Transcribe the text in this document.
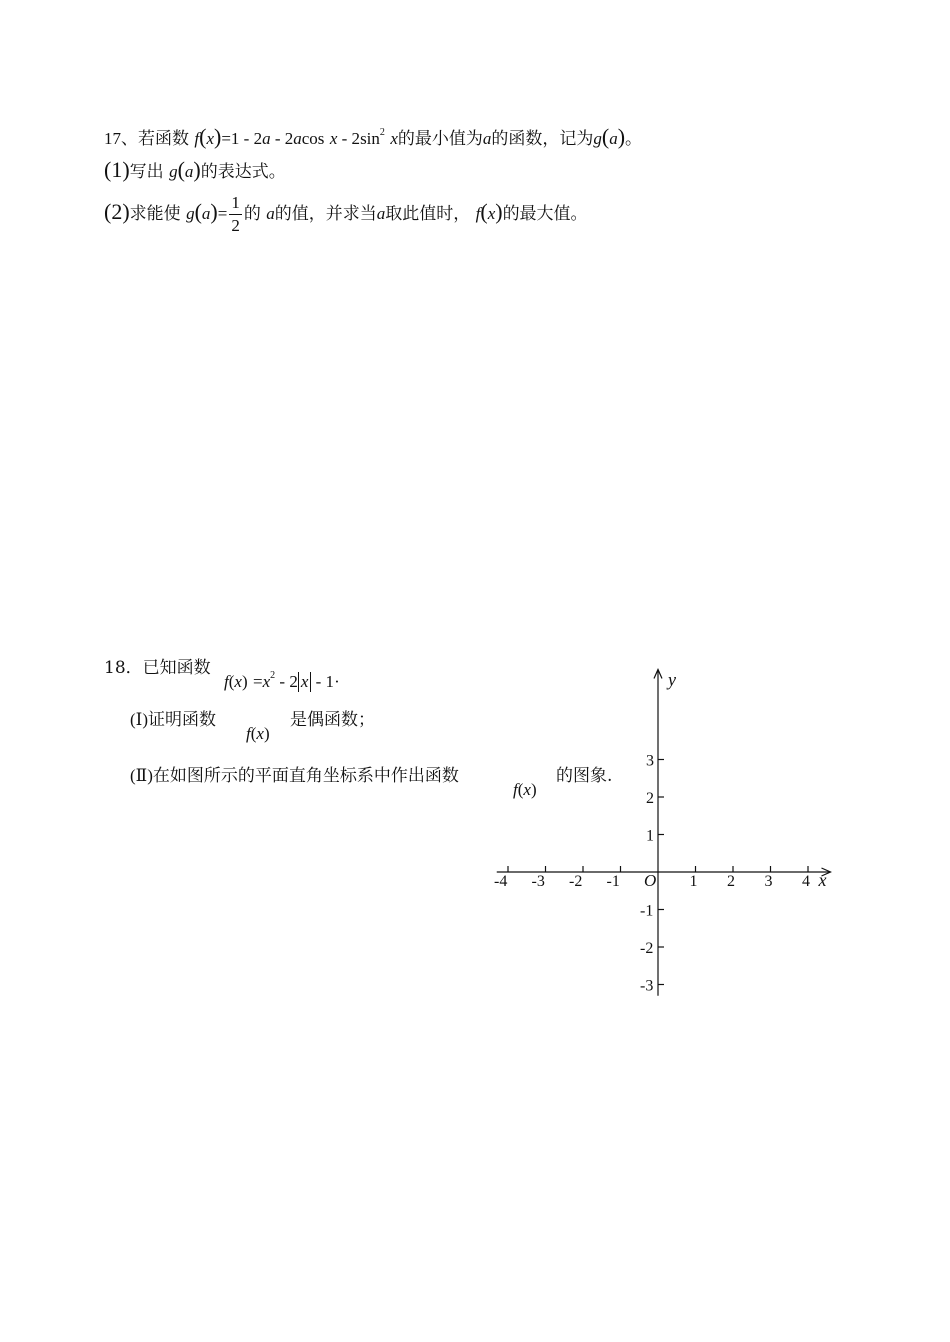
17、若函数 f(x)=1 - 2a - 2acos x - $2\sin^2$ x的最小值为a的函数，记为g(a)。
(1)写出 g(a)的表达式。
(2)求能使 $g(a)= \frac{1}{2}$ 的 a的值，并求当a取此值时， f(x)的最大值。
18．已知函数
$f(x) =x^2 - 2$ x - 1·
(Ⅰ)证明函数
f(x)
是偶函数；
(Ⅱ)在如图所示的平面直角坐标系中作出函数
f(x)
的图象.
-4 -3 -2 -1	1 2 3 4
-3
-2
-1
1
2
3
O	x
y
